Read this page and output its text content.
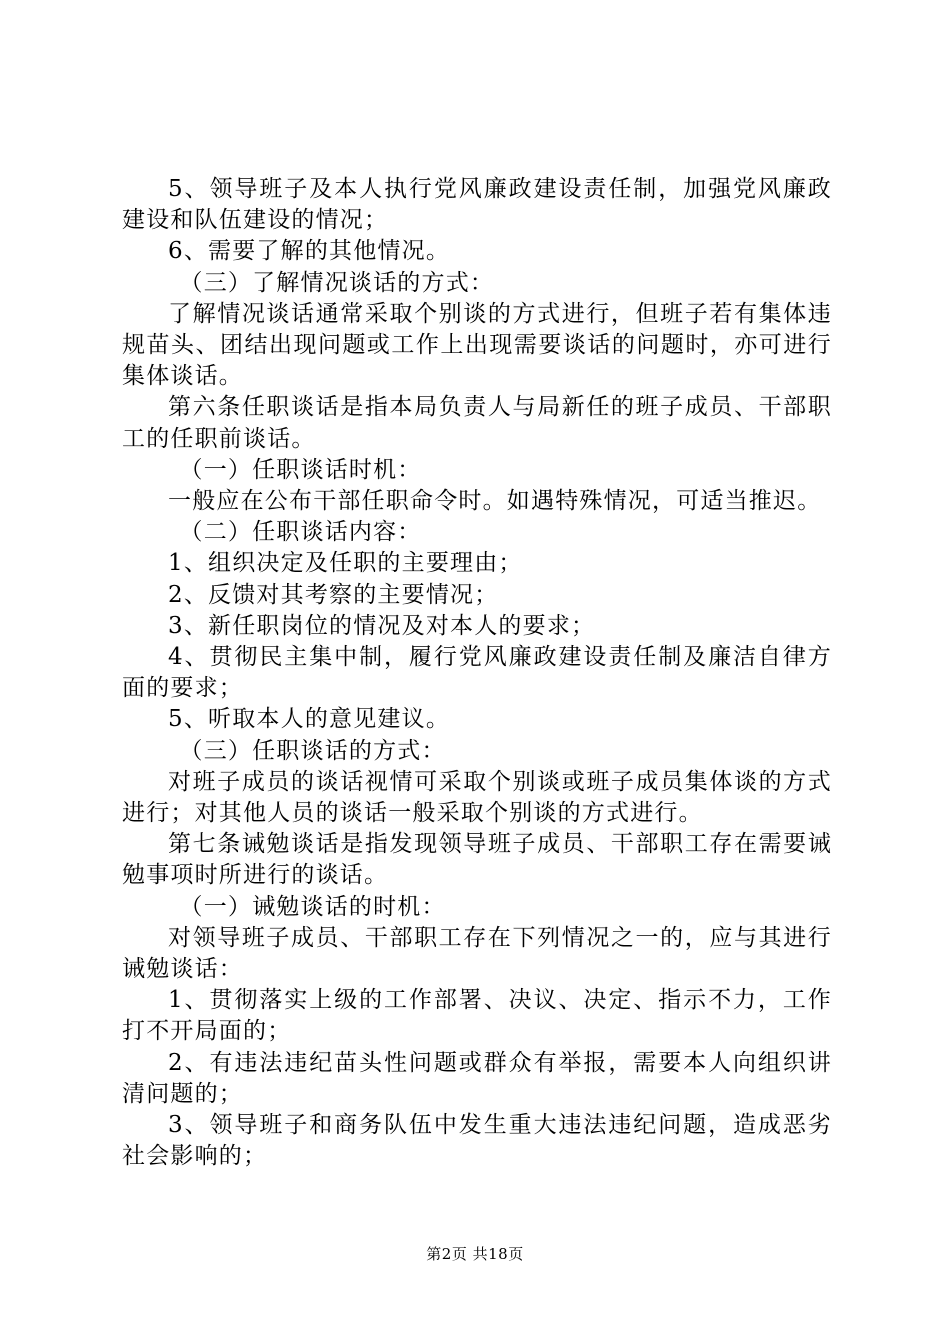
5、领导班子及本人执行党风廉政建设责任制，加强党风廉政建设和队伍建设的情况；

6、需要了解的其他情况。

（三）了解情况谈话的方式：

了解情况谈话通常采取个别谈的方式进行，但班子若有集体违规苗头、团结出现问题或工作上出现需要谈话的问题时，亦可进行集体谈话。

第六条任职谈话是指本局负责人与局新任的班子成员、干部职工的任职前谈话。

（一）任职谈话时机：

一般应在公布干部任职命令时。如遇特殊情况，可适当推迟。

（二）任职谈话内容：

1、组织决定及任职的主要理由；

2、反馈对其考察的主要情况；

3、新任职岗位的情况及对本人的要求；

4、贯彻民主集中制，履行党风廉政建设责任制及廉洁自律方面的要求；

5、听取本人的意见建议。

（三）任职谈话的方式：

对班子成员的谈话视情可采取个别谈或班子成员集体谈的方式进行；对其他人员的谈话一般采取个别谈的方式进行。

第七条诫勉谈话是指发现领导班子成员、干部职工存在需要诫勉事项时所进行的谈话。

（一）诫勉谈话的时机：

对领导班子成员、干部职工存在下列情况之一的，应与其进行诫勉谈话：

1、贯彻落实上级的工作部署、决议、决定、指示不力，工作打不开局面的；

2、有违法违纪苗头性问题或群众有举报，需要本人向组织讲清问题的；

3、领导班子和商务队伍中发生重大违法违纪问题，造成恶劣社会影响的；

第2页 共18页
